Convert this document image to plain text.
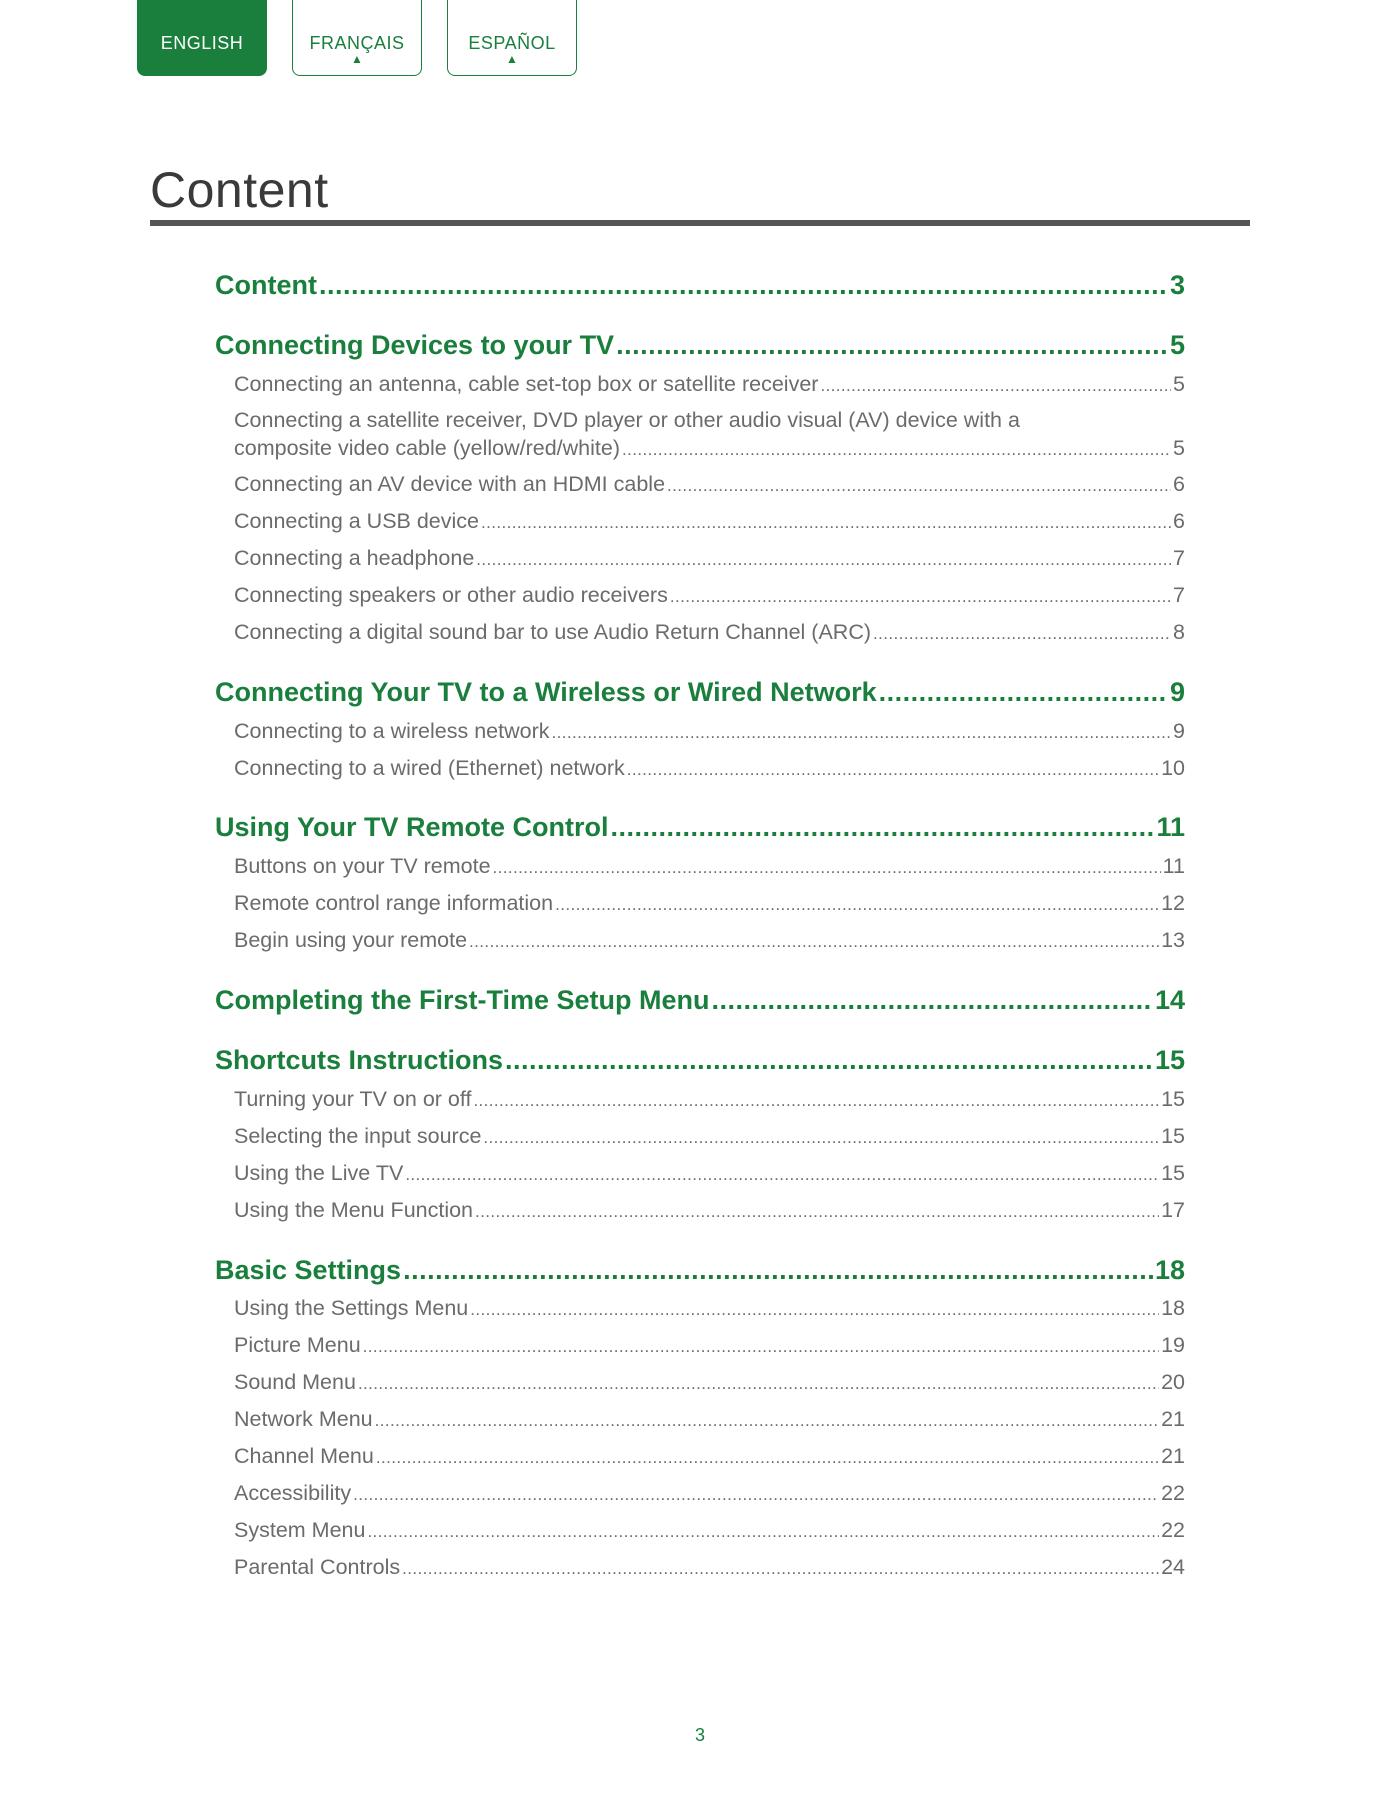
ENGLISH	FRANÇAIS
▲
ESPAÑOL
▲
Content
Content .....	3
Connecting Devices to your TV .....	5
Connecting an antenna, cable set-top box or satellite receiver .....	5
Connecting a satellite receiver, DVD player or other audio visual (AV) device with a
composite video cable (yellow/red/white) .....	5
Connecting an AV device with an HDMI cable .....	6
Connecting a USB device .....	6
Connecting a headphone .....	7
Connecting speakers or other audio receivers .....	7
Connecting a digital sound bar to use Audio Return Channel (ARC) .....	8
Connecting Your TV to a Wireless or Wired Network .....	9
Connecting to a wireless network .....	9
Connecting to a wired (Ethernet) network .....	10
Using Your TV Remote Control .....	11
Buttons on your TV remote .....	11
Remote control range information .....	12
Begin using your remote .....	13
Completing the First-Time Setup Menu .....	14
Shortcuts Instructions .....	15
Turning your TV on or off .....	15
Selecting the input source .....	15
Using the Live TV .....	15
Using the Menu Function .....	17
Basic Settings .....	18
Using the Settings Menu .....	18
Picture Menu .....	19
Sound Menu .....	20
Network Menu .....	21
Channel Menu .....	21
Accessibility .....	22
System Menu .....	22
Parental Controls .....	24
3
